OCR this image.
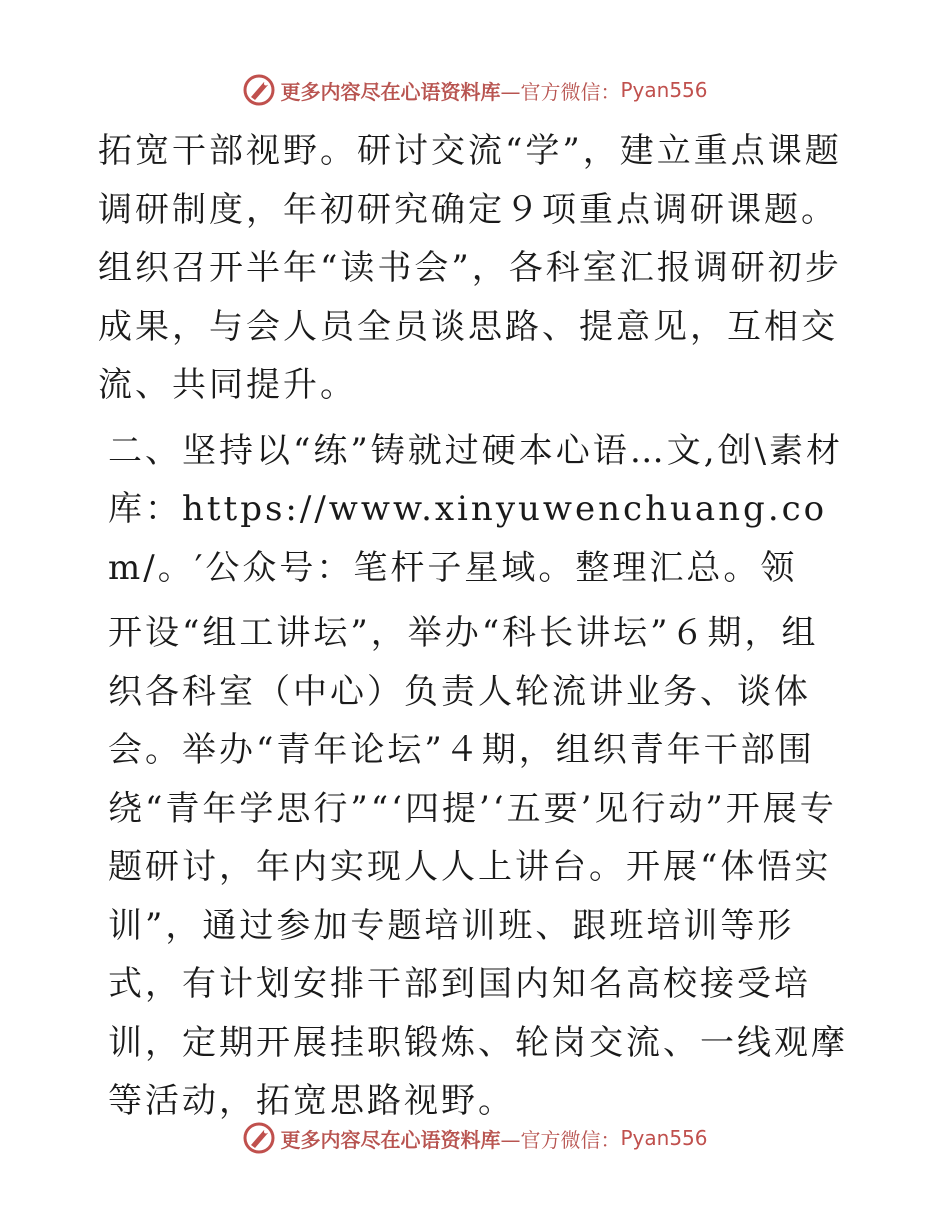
更多内容尽在心语资料库 —官方微信： Pyan556

拓宽干部视野。研讨交流“学”，建立重点课题调研制度，年初研究确定９项重点调研课题。组织召开半年“读书会”，各科室汇报调研初步成果，与会人员全员谈思路、提意见，互相交流、共同提升。

二、坚持以“练”铸就过硬本心语…文,创\素材库：https://www.xinyuwenchuang.com/。′公众号：笔杆子星域。整理汇总。领

开设“组工讲坛”，举办“科长讲坛”６期，组织各科室（中心）负责人轮流讲业务、谈体会。举办“青年论坛”４期，组织青年干部围绕“青年学思行”“‘四提’‘五要’见行动”开展专题研讨，年内实现人人上讲台。开展“体悟实训”，通过参加专题培训班、跟班培训等形式，有计划安排干部到国内知名高校接受培训，定期开展挂职锻炼、轮岗交流、一线观摩等活动，拓宽思路视野。

更多内容尽在心语资料库 —官方微信： Pyan556
